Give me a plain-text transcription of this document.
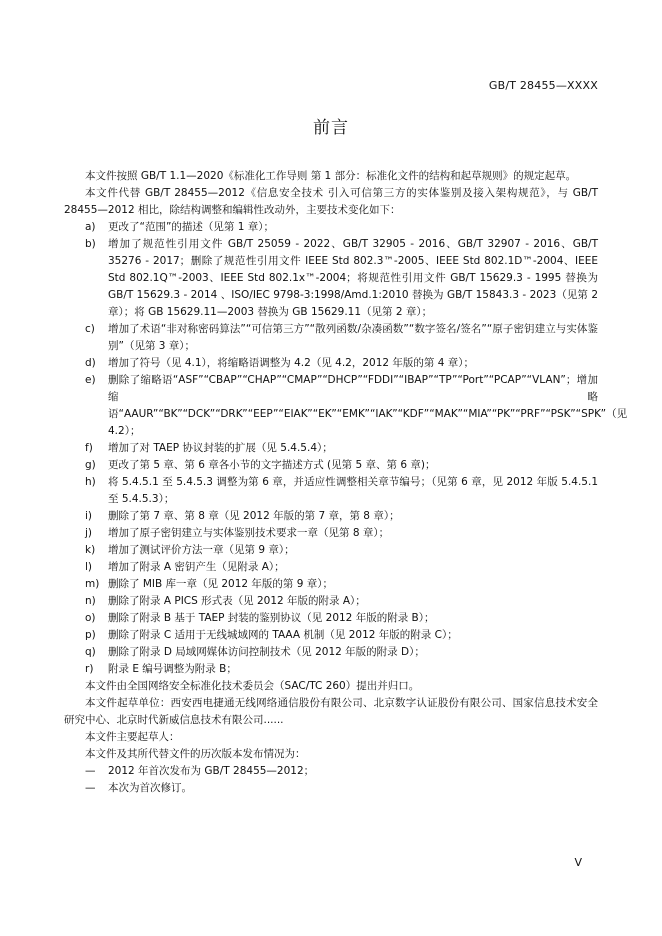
GB/T 28455—XXXX
前言

本文件按照 GB/T 1.1—2020《标准化工作导则 第 1 部分：标准化文件的结构和起草规则》的规定起草。

本文件代替 GB/T 28455—2012《信息安全技术 引入可信第三方的实体鉴别及接入架构规范》，与 GB/T 28455—2012 相比，除结构调整和编辑性改动外，主要技术变化如下：

a) 更改了“范围”的描述（见第 1 章）；
b) 增加了规范性引用文件 GB/T 25059 - 2022、GB/T 32905 - 2016、GB/T 32907 - 2016、GB/T 35276 - 2017；删除了规范性引用文件 IEEE Std 802.3™-2005、IEEE Std 802.1D™-2004、IEEE Std 802.1Q™-2003、IEEE Std 802.1x™-2004；将规范性引用文件 GB/T 15629.3 - 1995 替换为 GB/T 15629.3 - 2014 、ISO/IEC 9798-3:1998/Amd.1:2010 替换为 GB/T 15843.3 - 2023（见第 2 章）；将 GB 15629.11—2003 替换为 GB 15629.11（见第 2 章）；
c) 增加了术语“非对称密码算法”“可信第三方”“散列函数/杂凑函数”“数字签名/签名”“原子密钥建立与实体鉴别”（见第 3 章）；
d) 增加了符号（见 4.1），将缩略语调整为 4.2（见 4.2，2012 年版的第 4 章）；
e) 删除了缩略语“ASF”“CBAP”“CHAP”“CMAP”“DHCP”“FDDI”“IBAP”“TP”“Port”“PCAP”“VLAN”；增加缩略语“AAUR”“BK”“DCK”“DRK”“EEP”“EIAK”“EK”“EMK”“IAK”“KDF”“MAK”“MIA”“PK”“PRF”“PSK”“SPK”（见 4.2）；
f) 增加了对 TAEP 协议封装的扩展（见 5.4.5.4）；
g) 更改了第 5 章、第 6 章各小节的文字描述方式 (见第 5 章、第 6 章)；
h) 将 5.4.5.1 至 5.4.5.3 调整为第 6 章，并适应性调整相关章节编号；（见第 6 章，见 2012 年版 5.4.5.1 至 5.4.5.3）；
i) 删除了第 7 章、第 8 章（见 2012 年版的第 7 章，第 8 章）；
j) 增加了原子密钥建立与实体鉴别技术要求一章（见第 8 章）；
k) 增加了测试评价方法一章（见第 9 章）；
l) 增加了附录 A 密钥产生（见附录 A）；
m) 删除了 MIB 库一章（见 2012 年版的第 9 章）；
n) 删除了附录 A PICS 形式表（见 2012 年版的附录 A）；
o) 删除了附录 B 基于 TAEP 封装的鉴别协议（见 2012 年版的附录 B）；
p) 删除了附录 C 适用于无线城域网的 TAAA 机制（见 2012 年版的附录 C）；
q) 删除了附录 D 局域网媒体访问控制技术（见 2012 年版的附录 D）；
r) 附录 E 编号调整为附录 B；

本文件由全国网络安全标准化技术委员会（SAC/TC 260）提出并归口。

本文件起草单位：西安西电捷通无线网络通信股份有限公司、北京数字认证股份有限公司、国家信息技术安全研究中心、北京时代新威信息技术有限公司......

本文件主要起草人：

本文件及其所代替文件的历次版本发布情况为：

— 2012 年首次发布为 GB/T 28455—2012；
— 本次为首次修订。
V
